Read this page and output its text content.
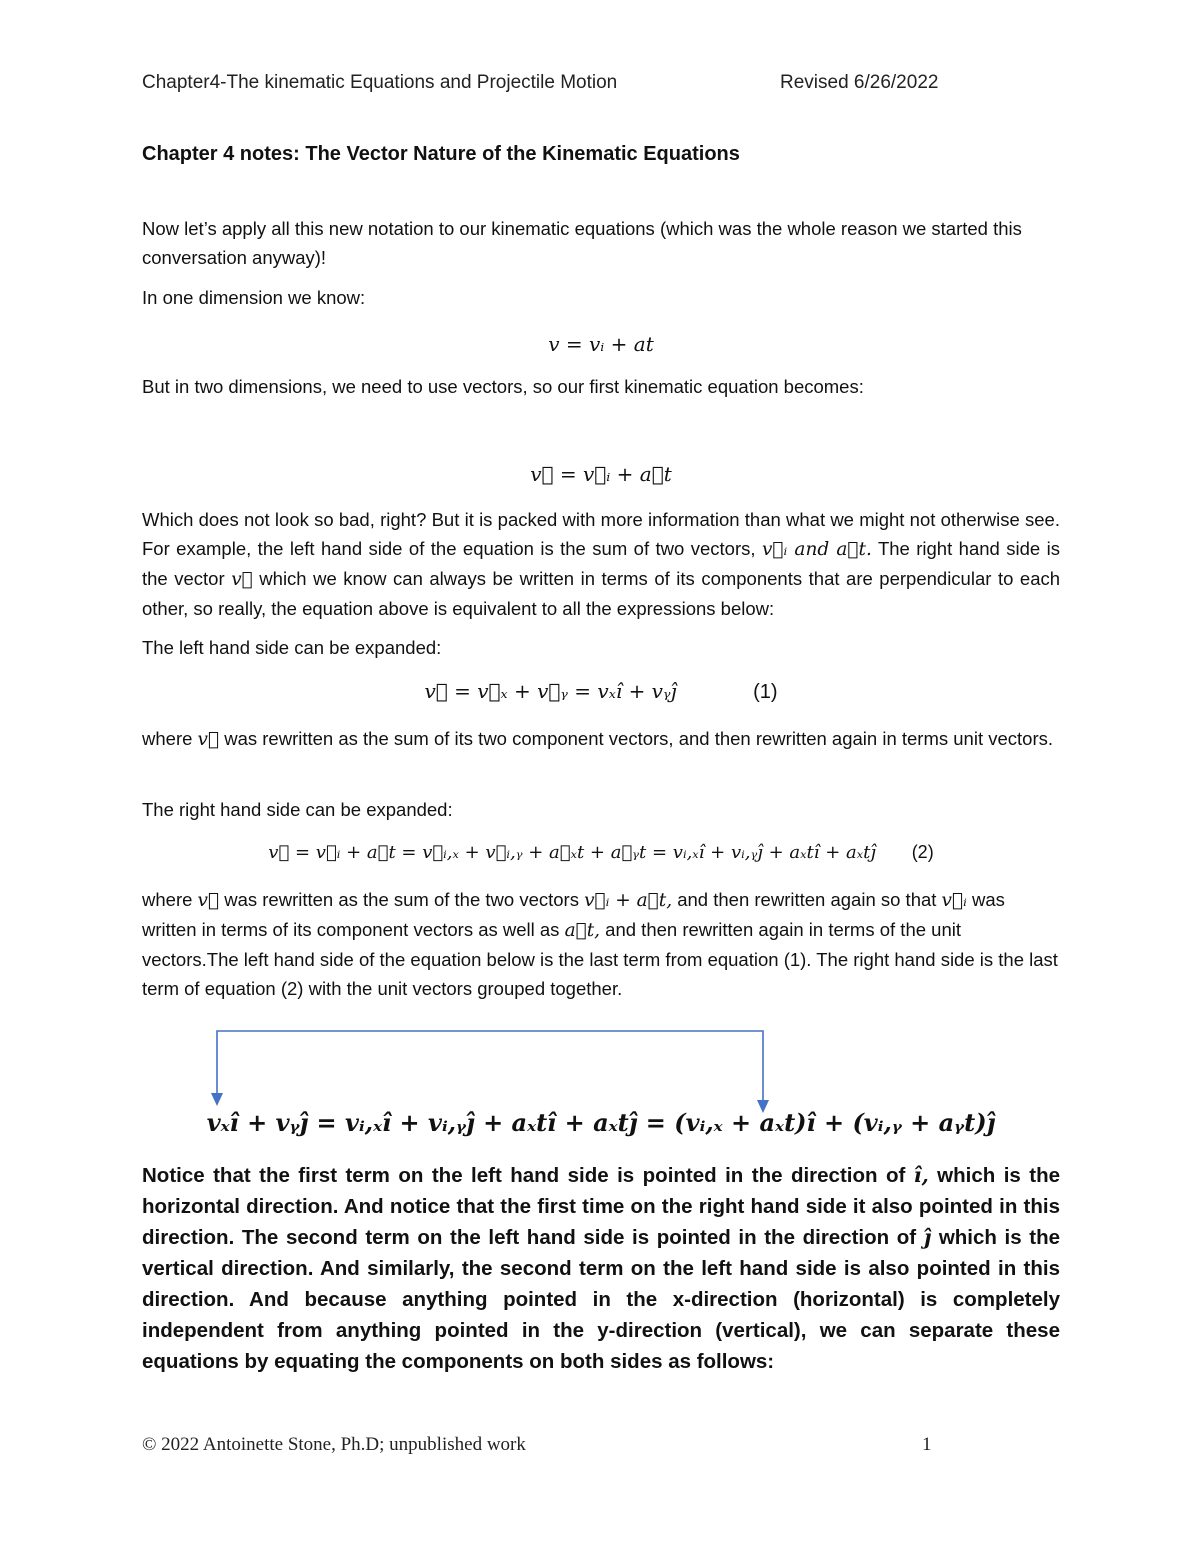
Chapter4-The kinematic Equations and Projectile Motion	Revised 6/26/2022
Chapter 4 notes: The Vector Nature of the Kinematic Equations
Now let’s apply all this new notation to our kinematic equations (which was the whole reason we started this conversation anyway)!
In one dimension we know:
v = vᵢ + at
But in two dimensions, we need to use vectors, so our first kinematic equation becomes:
v⃗ = v⃗ᵢ + a⃗t
Which does not look so bad, right? But it is packed with more information than what we might not otherwise see. For example, the left hand side of the equation is the sum of two vectors, v⃗ᵢ and a⃗t. The right hand side is the vector v⃗ which we know can always be written in terms of its components that are perpendicular to each other, so really, the equation above is equivalent to all the expressions below:
The left hand side can be expanded:
v⃗ = v⃗ₓ + v⃗ᵧ = vₓî + vᵧĵ	(1)
where v⃗ was rewritten as the sum of its two component vectors, and then rewritten again in terms unit vectors.
The right hand side can be expanded:
v⃗ = v⃗ᵢ + a⃗t = v⃗ᵢ,ₓ + v⃗ᵢ,ᵧ + a⃗ₓt + a⃗ᵧt = vᵢ,ₓî + vᵢ,ᵧĵ + aₓtî + aₓtĵ (2)
where v⃗ was rewritten as the sum of the two vectors v⃗ᵢ + a⃗t, and then rewritten again so that v⃗ᵢ was written in terms of its component vectors as well as a⃗t, and then rewritten again in terms of the unit vectors.The left hand side of the equation below is the last term from equation (1). The right hand side is the last term of equation (2) with the unit vectors grouped together.
vₓî + vᵧĵ = vᵢ,ₓî + vᵢ,ᵧĵ + aₓtî + aₓtĵ = (vᵢ,ₓ + aₓt)î + (vᵢ,ᵧ + aᵧt)ĵ
Notice that the first term on the left hand side is pointed in the direction of î, which is the horizontal direction. And notice that the first time on the right hand side it also pointed in this direction. The second term on the left hand side is pointed in the direction of ĵ which is the vertical direction. And similarly, the second term on the left hand side is also pointed in this direction. And because anything pointed in the x-direction (horizontal) is completely independent from anything pointed in the y-direction (vertical), we can separate these equations by equating the components on both sides as follows:
© 2022 Antoinette Stone, Ph.D; unpublished work	1
